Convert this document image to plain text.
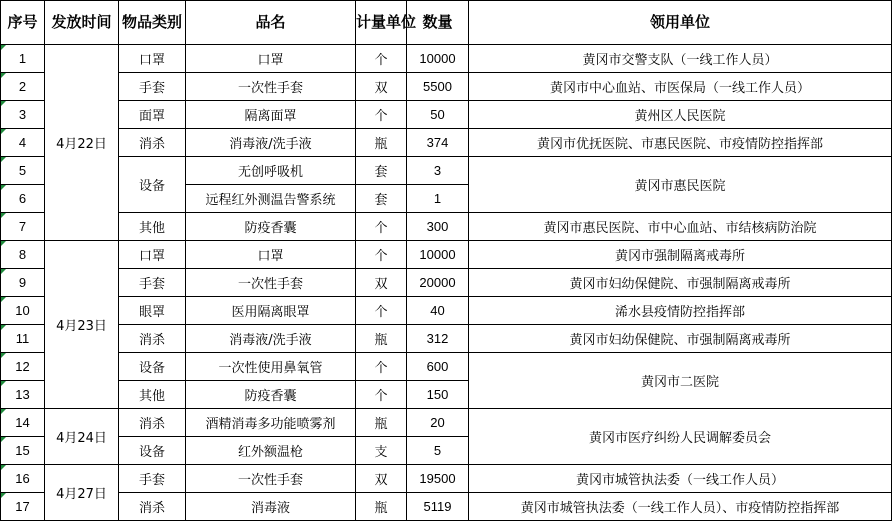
序号	发放时间	物品类别	品名	计量单位	数量	领用单位
1	4月22日	口罩	口罩	个	10000	黄冈市交警支队（一线工作人员）
2		手套	一次性手套	双	5500	黄冈市中心血站、市医保局（一线工作人员）
3		面罩	隔离面罩	个	50	黄州区人民医院
4		消杀	消毒液/洗手液	瓶	374	黄冈市优抚医院、市惠民医院、市疫情防控指挥部
5		设备	无创呼吸机	套	3	黄冈市惠民医院
6			远程红外测温告警系统	套	1	
7		其他	防疫香囊	个	300	黄冈市惠民医院、市中心血站、市结核病防治院
8	4月23日	口罩	口罩	个	10000	黄冈市强制隔离戒毒所
9		手套	一次性手套	双	20000	黄冈市妇幼保健院、市强制隔离戒毒所
10		眼罩	医用隔离眼罩	个	40	浠水县疫情防控指挥部
11		消杀	消毒液/洗手液	瓶	312	黄冈市妇幼保健院、市强制隔离戒毒所
12		设备	一次性使用鼻氧管	个	600	黄冈市二医院
13		其他	防疫香囊	个	150	
14	4月24日	消杀	酒精消毒多功能喷雾剂	瓶	20	黄冈市医疗纠纷人民调解委员会
15		设备	红外额温枪	支	5	
16	4月27日	手套	一次性手套	双	19500	黄冈市城管执法委（一线工作人员）
17		消杀	消毒液	瓶	5119	黄冈市城管执法委（一线工作人员）、市疫情防控指挥部
